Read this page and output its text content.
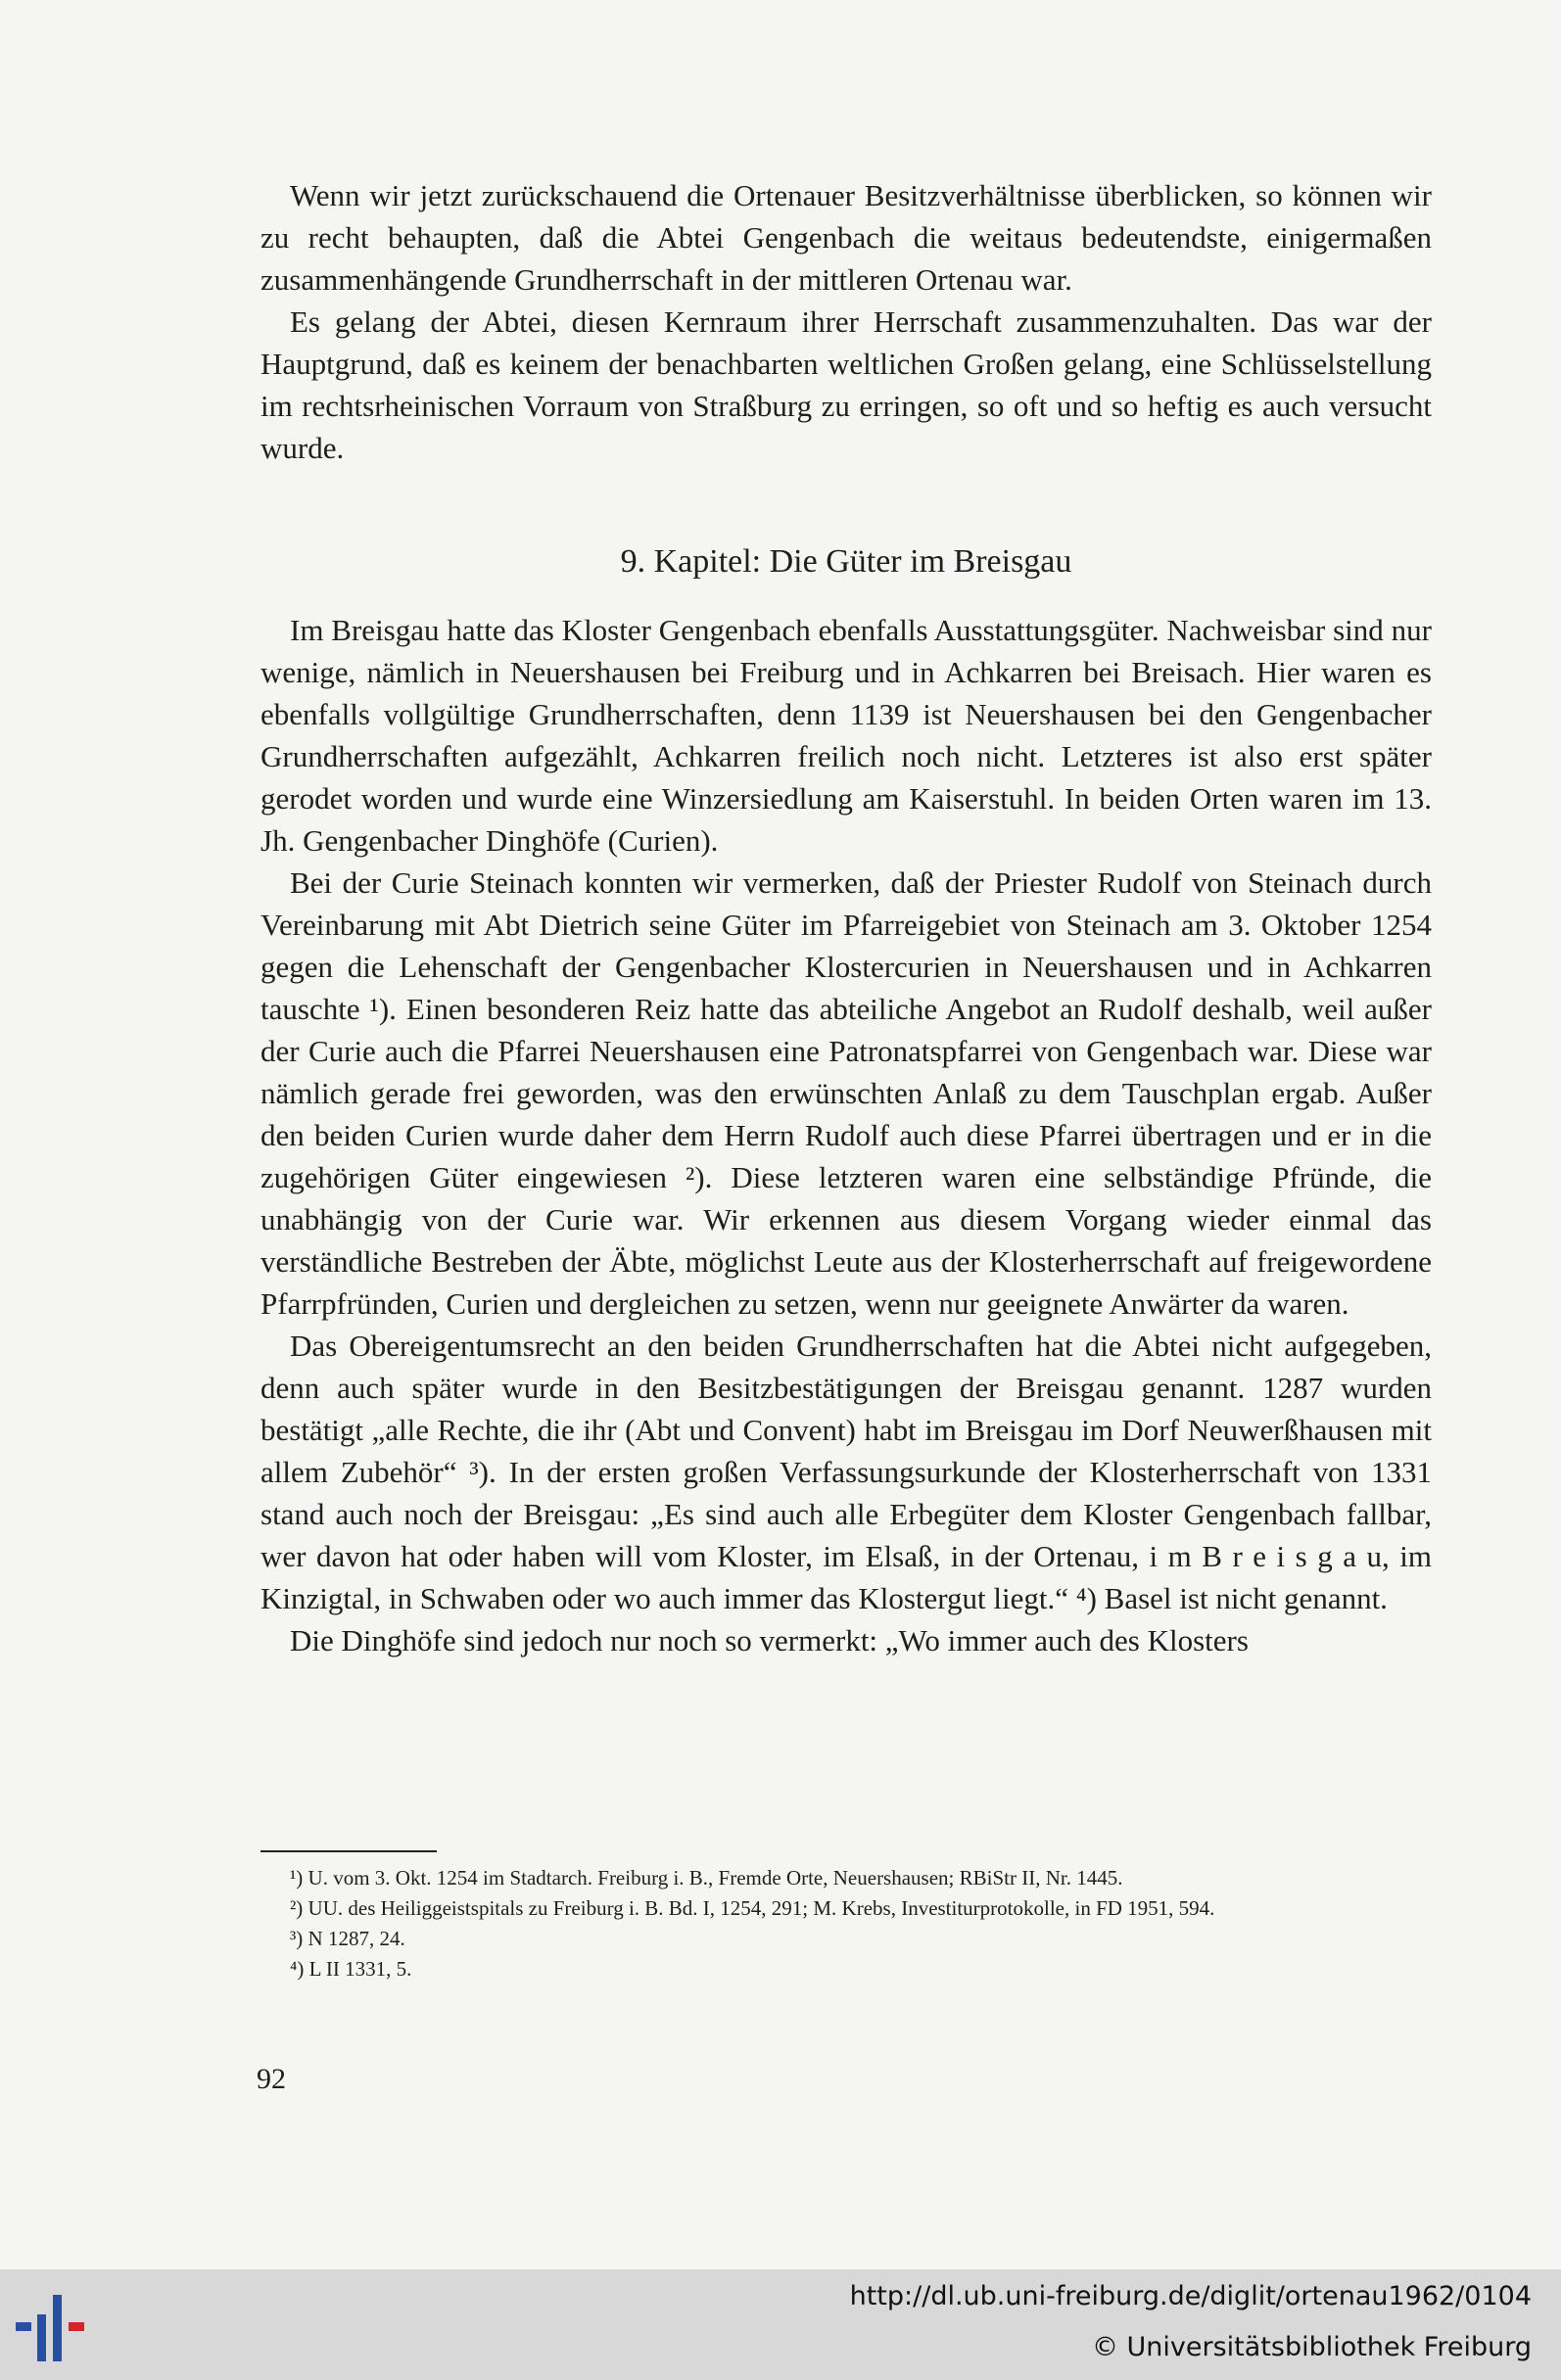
Wenn wir jetzt zurückschauend die Ortenauer Besitzverhältnisse überblicken, so können wir zu recht behaupten, daß die Abtei Gengenbach die weitaus bedeutendste, einigermaßen zusammenhängende Grundherrschaft in der mittleren Ortenau war.

Es gelang der Abtei, diesen Kernraum ihrer Herrschaft zusammenzuhalten. Das war der Hauptgrund, daß es keinem der benachbarten weltlichen Großen gelang, eine Schlüsselstellung im rechtsrheinischen Vorraum von Straßburg zu erringen, so oft und so heftig es auch versucht wurde.

9. Kapitel: Die Güter im Breisgau

Im Breisgau hatte das Kloster Gengenbach ebenfalls Ausstattungsgüter. Nachweisbar sind nur wenige, nämlich in Neuershausen bei Freiburg und in Achkarren bei Breisach. Hier waren es ebenfalls vollgültige Grundherrschaften, denn 1139 ist Neuershausen bei den Gengenbacher Grundherrschaften aufgezählt, Achkarren freilich noch nicht. Letzteres ist also erst später gerodet worden und wurde eine Winzersiedlung am Kaiserstuhl. In beiden Orten waren im 13. Jh. Gengenbacher Dinghöfe (Curien).

Bei der Curie Steinach konnten wir vermerken, daß der Priester Rudolf von Steinach durch Vereinbarung mit Abt Dietrich seine Güter im Pfarreigebiet von Steinach am 3. Oktober 1254 gegen die Lehenschaft der Gengenbacher Klostercurien in Neuershausen und in Achkarren tauschte ¹). Einen besonderen Reiz hatte das abteiliche Angebot an Rudolf deshalb, weil außer der Curie auch die Pfarrei Neuershausen eine Patronatspfarrei von Gengenbach war. Diese war nämlich gerade frei geworden, was den erwünschten Anlaß zu dem Tauschplan ergab. Außer den beiden Curien wurde daher dem Herrn Rudolf auch diese Pfarrei übertragen und er in die zugehörigen Güter eingewiesen ²). Diese letzteren waren eine selbständige Pfründe, die unabhängig von der Curie war. Wir erkennen aus diesem Vorgang wieder einmal das verständliche Bestreben der Äbte, möglichst Leute aus der Klosterherrschaft auf freigewordene Pfarrpfründen, Curien und dergleichen zu setzen, wenn nur geeignete Anwärter da waren.

Das Obereigentumsrecht an den beiden Grundherrschaften hat die Abtei nicht aufgegeben, denn auch später wurde in den Besitzbestätigungen der Breisgau genannt. 1287 wurden bestätigt „alle Rechte, die ihr (Abt und Convent) habt im Breisgau im Dorf Neuwerßhausen mit allem Zubehör“ ³). In der ersten großen Verfassungsurkunde der Klosterherrschaft von 1331 stand auch noch der Breisgau: „Es sind auch alle Erbegüter dem Kloster Gengenbach fallbar, wer davon hat oder haben will vom Kloster, im Elsaß, in der Ortenau, i m B r e i s g a u, im Kinzigtal, in Schwaben oder wo auch immer das Klostergut liegt.“ ⁴) Basel ist nicht genannt.

Die Dinghöfe sind jedoch nur noch so vermerkt: „Wo immer auch des Klosters

¹) U. vom 3. Okt. 1254 im Stadtarch. Freiburg i. B., Fremde Orte, Neuershausen; RBiStr II, Nr. 1445.

²) UU. des Heiliggeistspitals zu Freiburg i. B. Bd. I, 1254, 291; M. Krebs, Investiturprotokolle, in FD 1951, 594.

³) N 1287, 24.

⁴) L II 1331, 5.

92
http://dl.ub.uni-freiburg.de/diglit/ortenau1962/0104
© Universitätsbibliothek Freiburg
